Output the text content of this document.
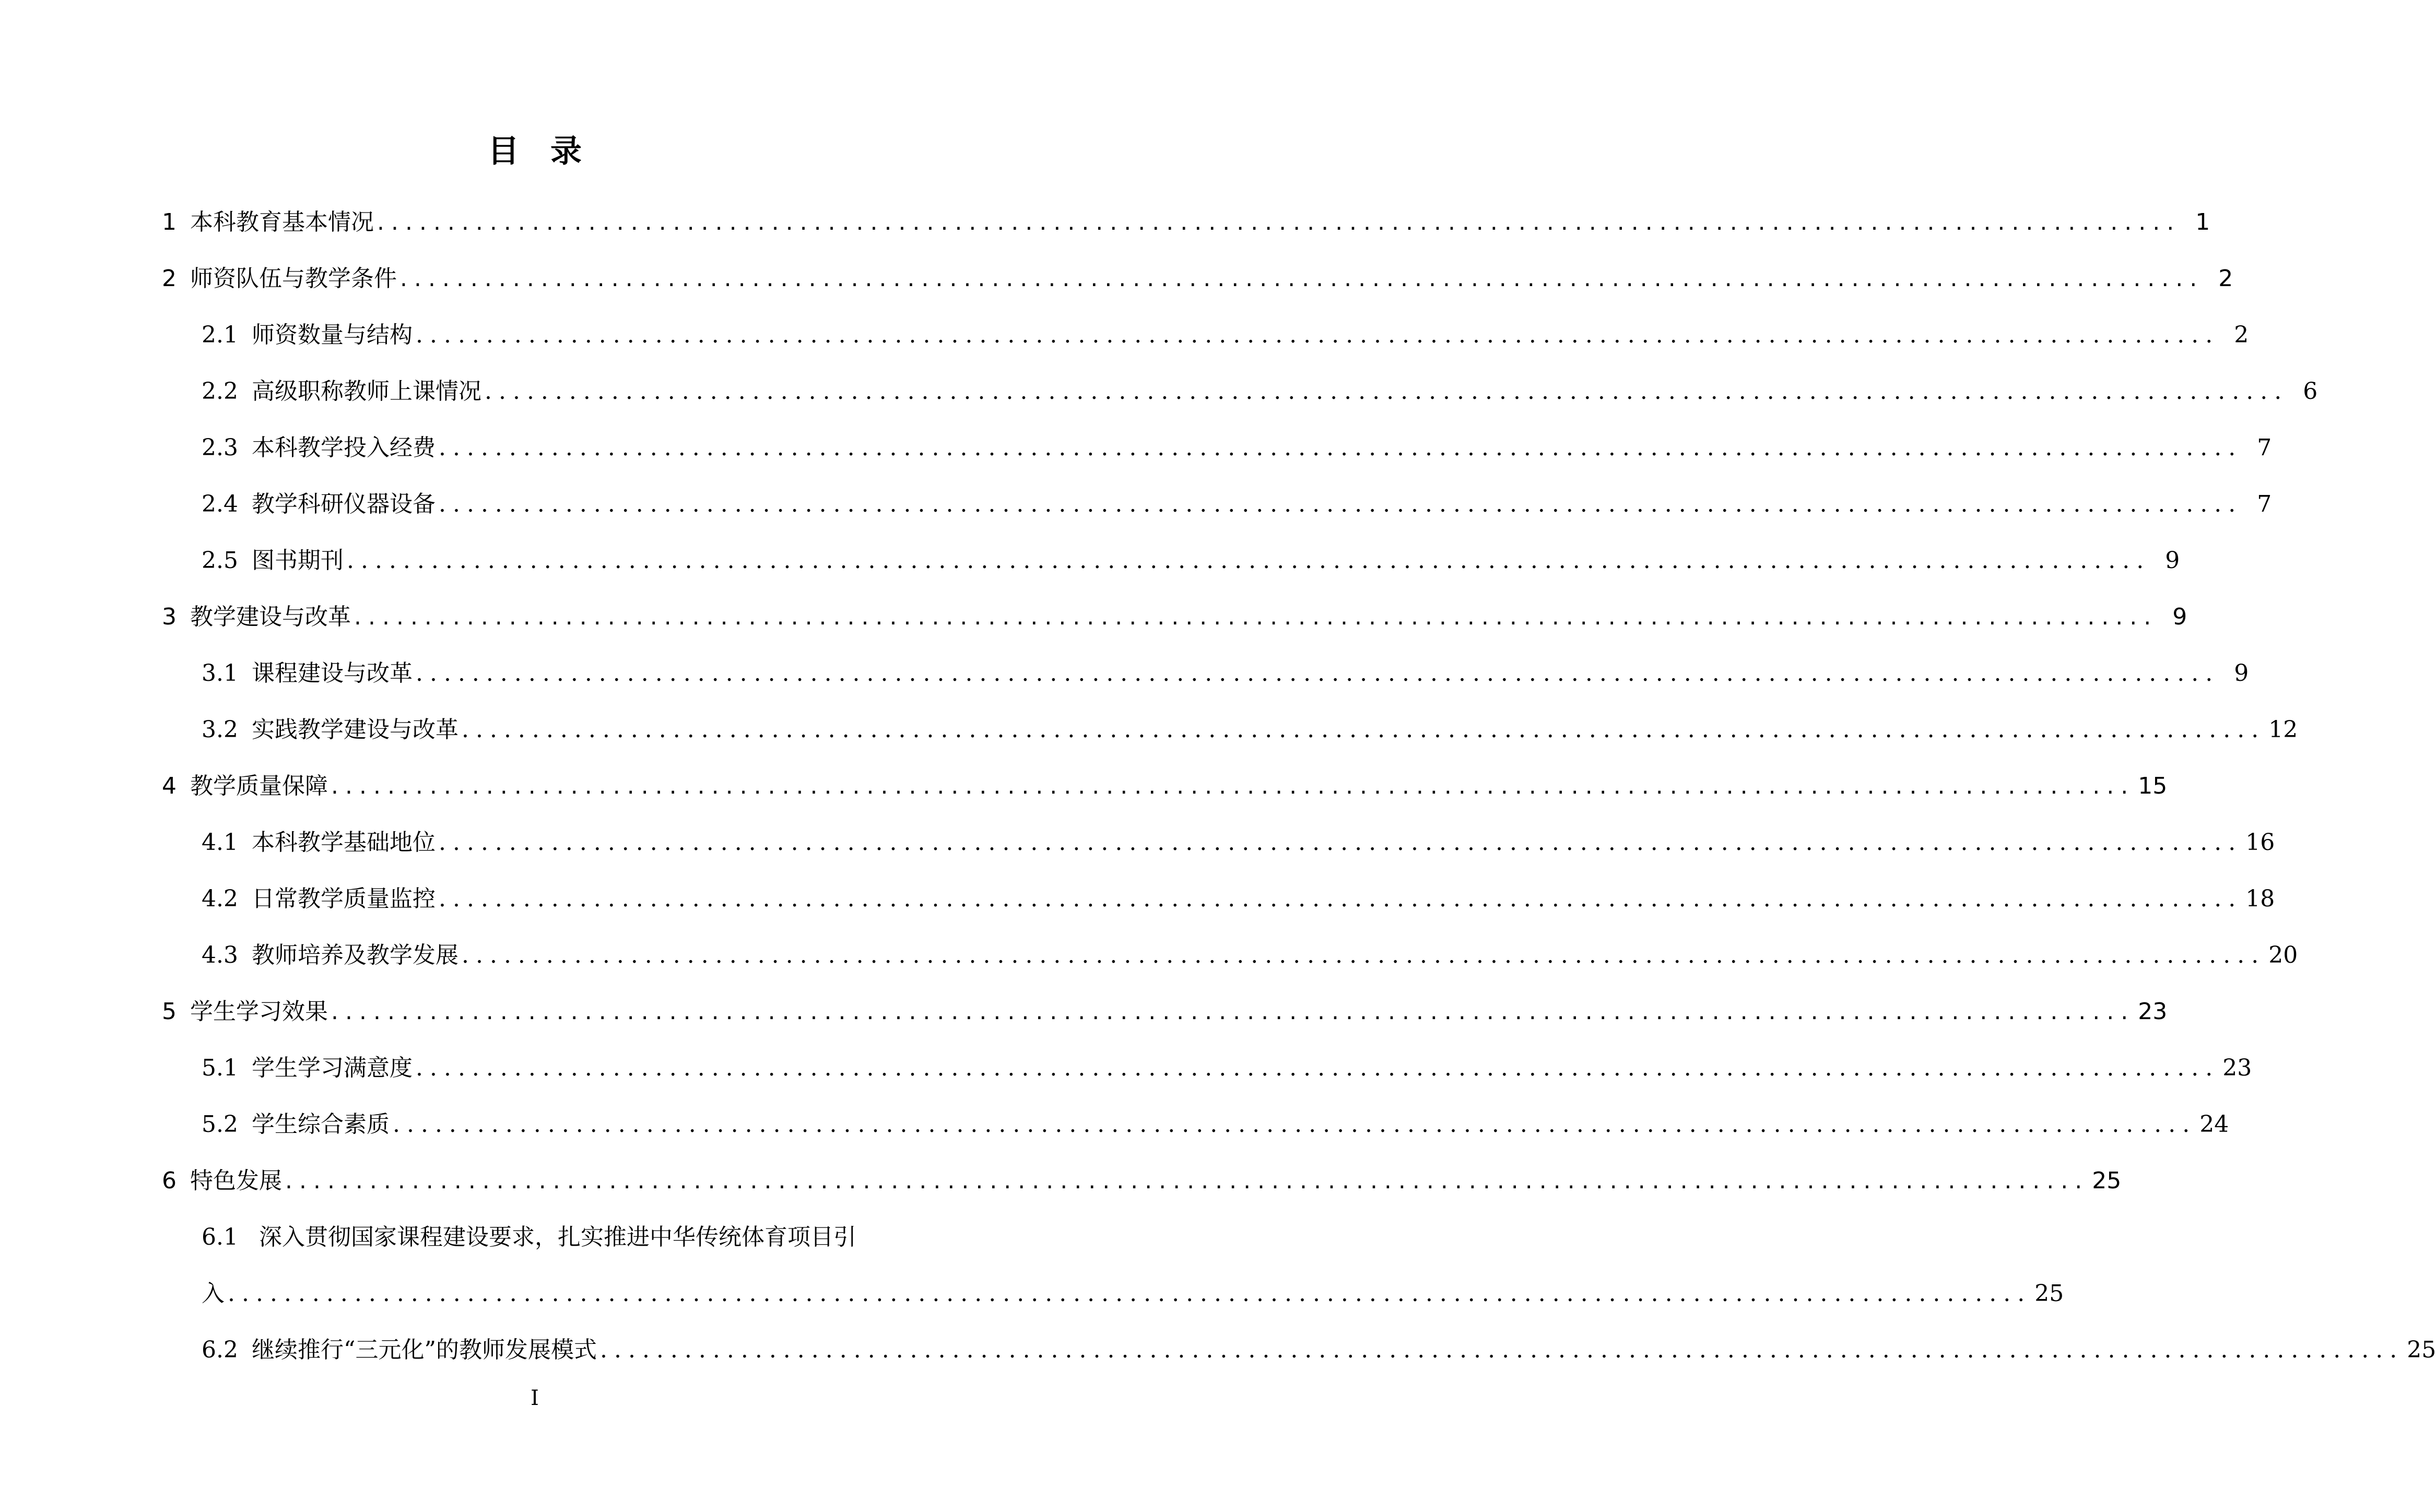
目录
1 本科教育基本情况 ................................................................................................................................ 1
2 师资队伍与教学条件 ................................................................................................................................ 2
2.1 师资数量与结构 ................................................................................................................................ 2
2.2 高级职称教师上课情况 ................................................................................................................................ 6
2.3 本科教学投入经费 ................................................................................................................................ 7
2.4 教学科研仪器设备 ................................................................................................................................ 7
2.5 图书期刊 ................................................................................................................................ 9
3 教学建设与改革 ................................................................................................................................ 9
3.1 课程建设与改革 ................................................................................................................................ 9
3.2 实践教学建设与改革 ................................................................................................................................ 12
4 教学质量保障 ................................................................................................................................ 15
4.1 本科教学基础地位 ................................................................................................................................ 16
4.2 日常教学质量监控 ................................................................................................................................ 18
4.3 教师培养及教学发展 ................................................................................................................................ 20
5 学生学习效果 ................................................................................................................................ 23
5.1 学生学习满意度 ................................................................................................................................ 23
5.2 学生综合素质 ................................................................................................................................ 24
6 特色发展 ................................................................................................................................ 25
6.1 深入贯彻国家课程建设要求，扎实推进中华传统体育项目引
入 ................................................................................................................................ 25
6.2 继续推行“三元化”的教师发展模式 ................................................................................................................................ 25
I
